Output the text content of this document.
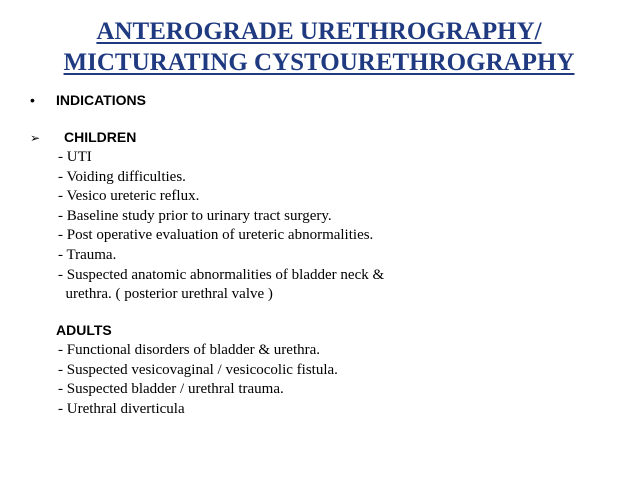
ANTEROGRADE URETHROGRAPHY/
MICTURATING CYSTOURETHROGRAPHY
• INDICATIONS
➢ CHILDREN
- UTI
- Voiding difficulties.
- Vesico ureteric reflux.
- Baseline study prior to urinary tract surgery.
- Post operative evaluation of ureteric abnormalities.
- Trauma.
- Suspected anatomic abnormalities of bladder neck &
urethra. ( posterior urethral valve )
ADULTS
- Functional disorders of bladder & urethra.
- Suspected vesicovaginal / vesicocolic fistula.
- Suspected bladder / urethral trauma.
- Urethral diverticula
